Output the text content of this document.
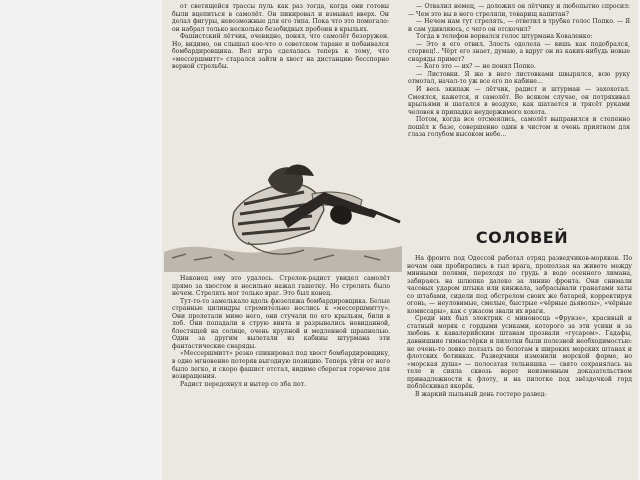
от светящейся трассы пуль как раз тогда, когда они готовы были вцепиться в самолёт. Он пикировал и взмывал вверх. Он делал фигуры, невозможные для его типа. Пока что это помогало: он набрал только несколько безобидных пробоин в крыльях.

Фашистский лётчик, очевидно, понял, что самолёт безоружен. Но, видимо, он слышал кое-что о советском таране и побаивался бомбардировщика. Вел игра сделалась теперь к тому, что «мессершмитт» старался зайти в хвост на дистанцию бесспорно верной стрельбы.

Наконец ему это удалось. Стрелок-радист увидел самолёт прямо за хвостом и нeсильно нажал гашетку. Но стрелять было нечем. Стрелять мог только враг. Это был конец.

Тут-то-то замелькало вдоль фюзеляжа бомбардировщика. Белые странные цилиндры стремительно неслись к «мессершмитту». Они пролетали мимо него, они стучали по его крыльям, били в лоб. Они попадали в струю винта и разрывались невиданной, блестящей на солнце, очень крупной и медленной шрапнелью. Один за другим вылетали из кабины штурмана эти фантастические снаряды.

«Мессершмитт» резко спикировал под хвост бомбардировщику, в одно мгновение потеряв выгодную позицию. Теперь уйти от него было легко, и скоро фашист отстал, видимо сберегая горючее для возвращения.

Радист передохнул и вытер со лба пот.

— Отвалил немец, — доложил он лётчику и любопытно спросил: — Чем это вы в него стреляли, товарищ капитан?

— Нечем нам тут стрелять, — ответил в трубке голос Попко. — Я и сам удивляюсь, с чего он отскочил?

Тогда в телефон ворвался голос штурмана Коваленко:

— Это я его отвил. Злость одолела — вишь как подобрался, стервец!.. Чёрт его знает, думаю, а вдруг он из каких-нибудь новые снаряды примет?

— Кого это — их? — не понял Попко.

— Листовки. Я же в него листовками швырялся, всю руку отмотал, начал-то уж все его по кабине…

И весь экипаж — лётчик, радист и штурман — захохотал. Смеялся, кажется, и самолёт. Во всяком случае, он потряхивал крыльями и шатался в воздухе, как шатается и трясёт руками человек в припадке неудержимого хохота.

Потом, когда все отсмеялись, самолёт выправился и степенно пошёл к базе, совершенно один в чистом и очень приятном для глаза голубом высоком небе...

СОЛОВЕЙ

На фронте под Одессой работал отряд разведчиков-моряков. По ночам они пробирались в тыл врага, проползая на животе между минными полями, переходя по грудь в воде осеннего лимана, забираясь на шлюпке далеко за линию фронта. Они снимали часовых ударом штыка или кинжала, забрасывали гранатами хаты со штабами, сидели под обстрелом своих же батарей, корректируя огонь, — неуловимые, смелые, быстрые «чёрные дьяволы», «чёрные комиссары», как с ужасом звали их враги.

Среди них был электрик с миноносца «Фрунзе», красивый и статный моряк с гордыми усиками, которого за эти усики и за любовь к кавалерийским штанам прозвали «гусаром». Гадафы, давнишние гимнастёрки и пилотки были полезной необходимостью: не очень-то ловко ползать по болотам в широких морских штанах и флотских ботинках. Разведчики изменили морской форме, но «морская душа» — полосатая тельняшка — свято сохранялась на теле и сияла сквозь ворот неизменным доказательством принадлежности к флоту, и на пилотке под звёздочкой горд поблёскивал якорёк.

В жаркий пыльный день гостеро развед-
